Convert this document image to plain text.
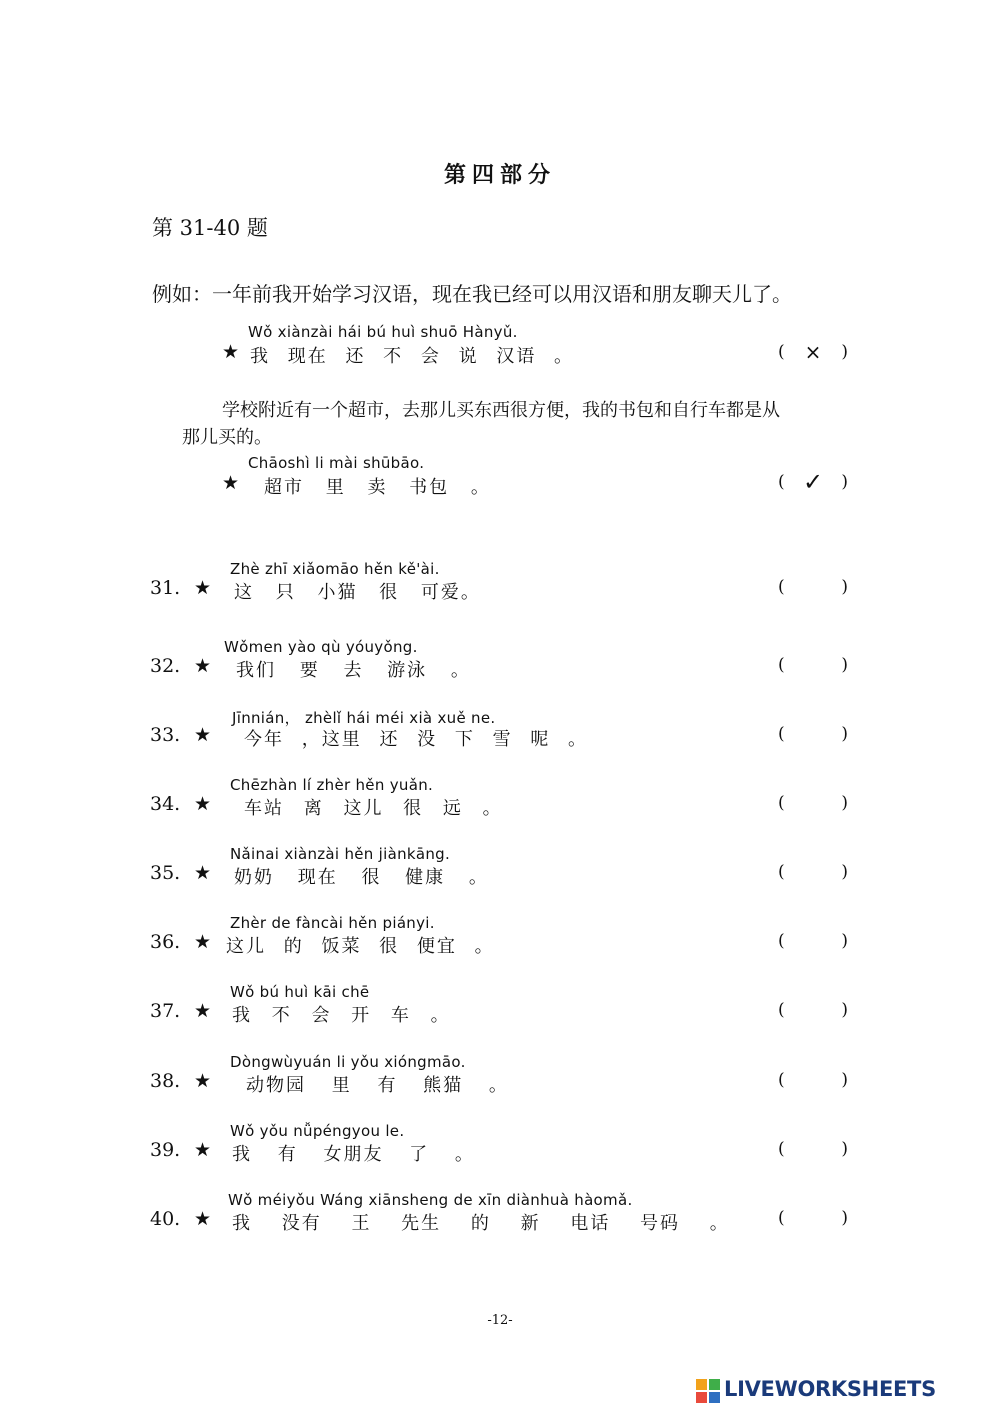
第四部分
第 31-40 题
例如：一年前我开始学习汉语，现在我已经可以用汉语和朋友聊天儿了。
Wǒ xiànzài hái bú huì shuō Hànyǔ.
★ 我 现在 还 不 会 说 汉语 。	( ×	)
学校附近有一个超市，去那儿买东西很方便，我的书包和自行车都是从
那儿买的。
Chāoshì li mài shūbāo.
★ 超市 里 卖 书包 。	( ✓	)
Zhè zhī xiǎomāo hěn kě'ài.
31. ★ 这 只 小猫 很 可爱。	(	)
Wǒmen yào qù yóuyǒng.
32. ★ 我们 要 去 游泳 。	(	)
Jīnnián， zhèlǐ hái méi xià xuě ne.
33. ★ 今年 ，这里 还 没 下 雪 呢 。	(	)
Chēzhàn lí zhèr hěn yuǎn.
34. ★ 车站 离 这儿 很 远 。	(	)
Nǎinai xiànzài hěn jiànkāng.
35. ★ 奶奶 现在 很 健康 。	(	)
Zhèr de fàncài hěn piányi.
36. ★ 这儿 的 饭菜 很 便宜 。	(	)
Wǒ bú huì kāi chē
37. ★ 我 不 会 开 车 。	(	)
Dòngwùyuán li yǒu xióngmāo.
38. ★ 动物园 里 有 熊猫 。	(	)
Wǒ yǒu nǚpéngyou le.
39. ★ 我 有 女朋友 了 。	(	)
Wǒ méiyǒu Wáng xiānsheng de xīn diànhuà hàomǎ.
40. ★ 我 没有 王 先生 的 新 电话 号码 。	(	)
-12-
LIVEWORKSHEETS
